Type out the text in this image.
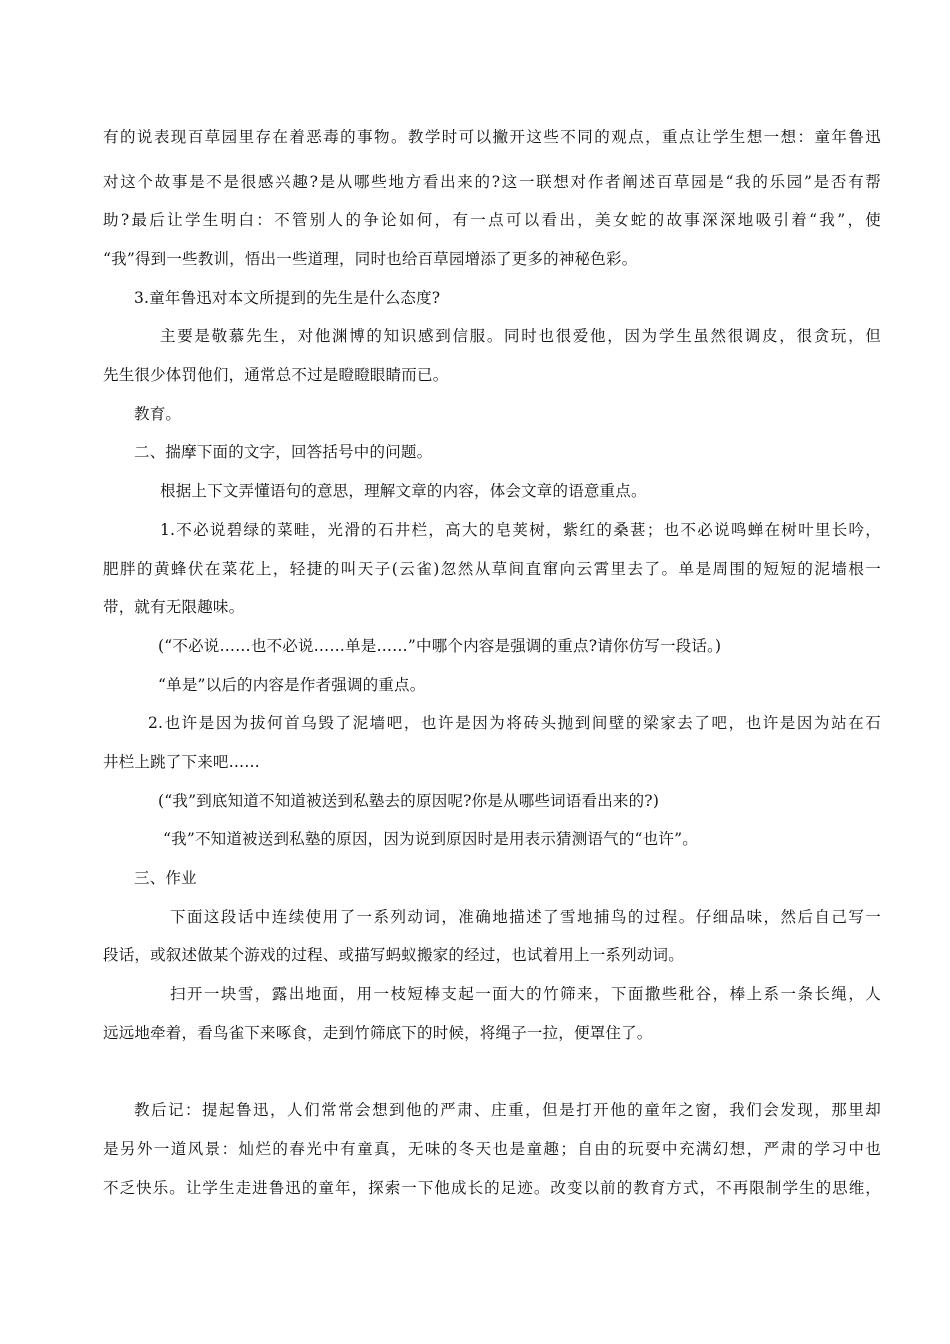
有的说表现百草园里存在着恶毒的事物。教学时可以撇开这些不同的观点，重点让学生想一想：童年鲁迅
对这个故事是不是很感兴趣?是从哪些地方看出来的?这一联想对作者阐述百草园是“我的乐园”是否有帮
助?最后让学生明白：不管别人的争论如何，有一点可以看出，美女蛇的故事深深地吸引着“我”，使
“我”得到一些教训，悟出一些道理，同时也给百草园增添了更多的神秘色彩。
3.童年鲁迅对本文所提到的先生是什么态度?
主要是敬慕先生，对他渊博的知识感到信服。同时也很爱他，因为学生虽然很调皮，很贪玩，但
先生很少体罚他们，通常总不过是瞪瞪眼睛而已。
教育。
二、揣摩下面的文字，回答括号中的问题。
根据上下文弄懂语句的意思，理解文章的内容，体会文章的语意重点。
1.不必说碧绿的菜畦，光滑的石井栏，高大的皂荚树，紫红的桑葚；也不必说鸣蝉在树叶里长吟，
肥胖的黄蜂伏在菜花上，轻捷的叫天子(云雀)忽然从草间直窜向云霄里去了。单是周围的短短的泥墙根一
带，就有无限趣味。
(“不必说……也不必说……单是……”中哪个内容是强调的重点?请你仿写一段话。)
“单是”以后的内容是作者强调的重点。
2.也许是因为拔何首乌毁了泥墙吧，也许是因为将砖头抛到间壁的梁家去了吧，也许是因为站在石
井栏上跳了下来吧……
(“我”到底知道不知道被送到私塾去的原因呢?你是从哪些词语看出来的?)
“我”不知道被送到私塾的原因，因为说到原因时是用表示猜测语气的“也许”。
三、作业
下面这段话中连续使用了一系列动词，准确地描述了雪地捕鸟的过程。仔细品味，然后自己写一
段话，或叙述做某个游戏的过程、或描写蚂蚁搬家的经过，也试着用上一系列动词。
扫开一块雪，露出地面，用一枝短棒支起一面大的竹筛来，下面撒些秕谷，棒上系一条长绳，人
远远地牵着，看鸟雀下来啄食，走到竹筛底下的时候，将绳子一拉，便罩住了。
教后记：提起鲁迅，人们常常会想到他的严肃、庄重，但是打开他的童年之窗，我们会发现，那里却
是另外一道风景：灿烂的春光中有童真，无味的冬天也是童趣；自由的玩耍中充满幻想，严肃的学习中也
不乏快乐。让学生走进鲁迅的童年，探索一下他成长的足迹。改变以前的教育方式，不再限制学生的思维，
